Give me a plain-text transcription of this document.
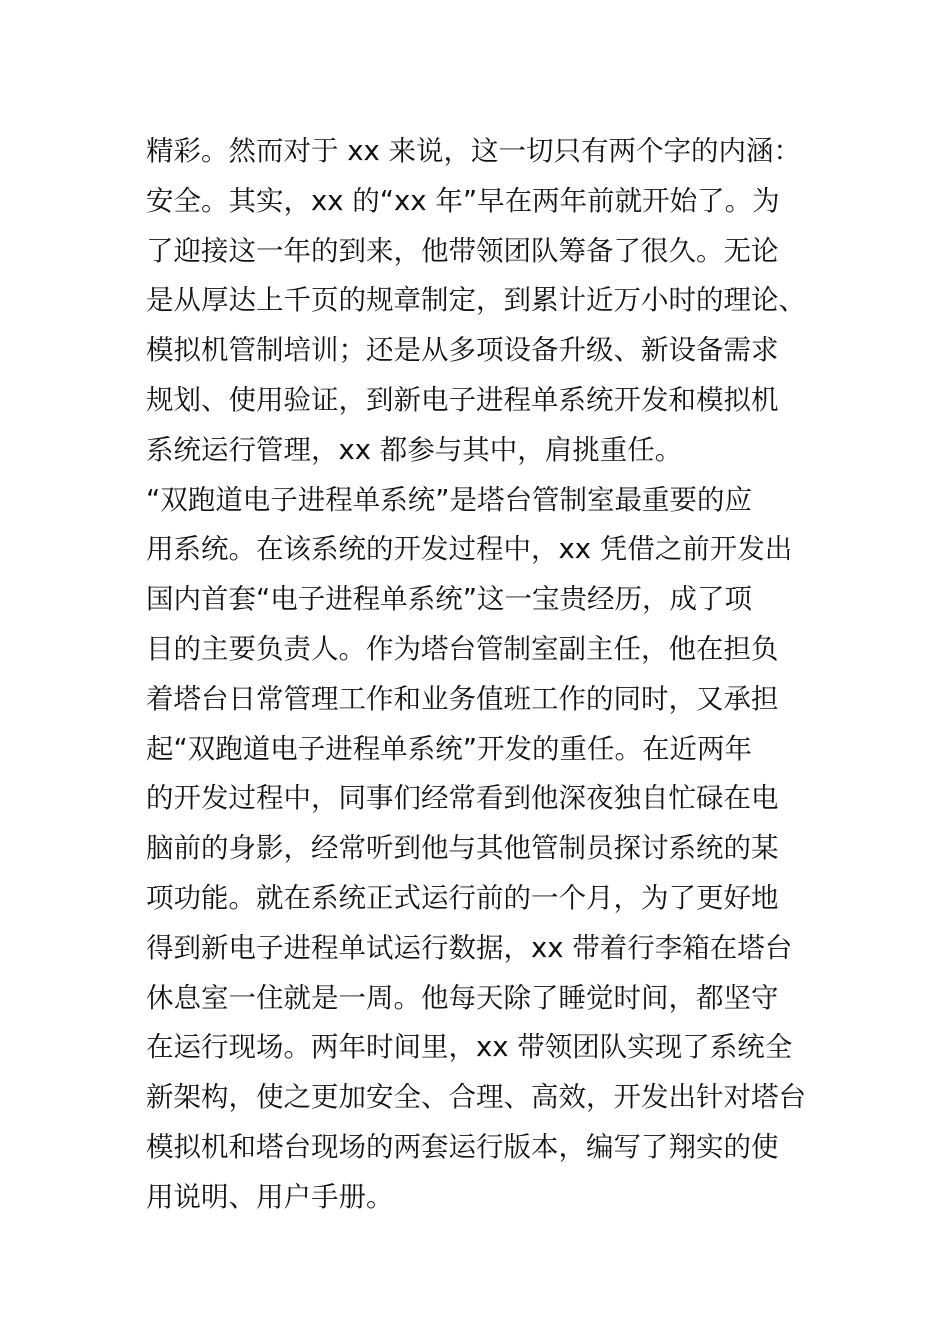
精彩。然而对于 xx 来说，这一切只有两个字的内涵：
安全。其实，xx 的“xx 年”早在两年前就开始了。为
了迎接这一年的到来，他带领团队筹备了很久。无论
是从厚达上千页的规章制定，到累计近万小时的理论、
模拟机管制培训；还是从多项设备升级、新设备需求
规划、使用验证，到新电子进程单系统开发和模拟机
系统运行管理，xx 都参与其中，肩挑重任。
“双跑道电子进程单系统”是塔台管制室最重要的应
用系统。在该系统的开发过程中，xx 凭借之前开发出
国内首套“电子进程单系统”这一宝贵经历，成了项
目的主要负责人。作为塔台管制室副主任，他在担负
着塔台日常管理工作和业务值班工作的同时，又承担
起“双跑道电子进程单系统”开发的重任。在近两年
的开发过程中，同事们经常看到他深夜独自忙碌在电
脑前的身影，经常听到他与其他管制员探讨系统的某
项功能。就在系统正式运行前的一个月，为了更好地
得到新电子进程单试运行数据，xx 带着行李箱在塔台
休息室一住就是一周。他每天除了睡觉时间，都坚守
在运行现场。两年时间里，xx 带领团队实现了系统全
新架构，使之更加安全、合理、高效，开发出针对塔台
模拟机和塔台现场的两套运行版本，编写了翔实的使
用说明、用户手册。
